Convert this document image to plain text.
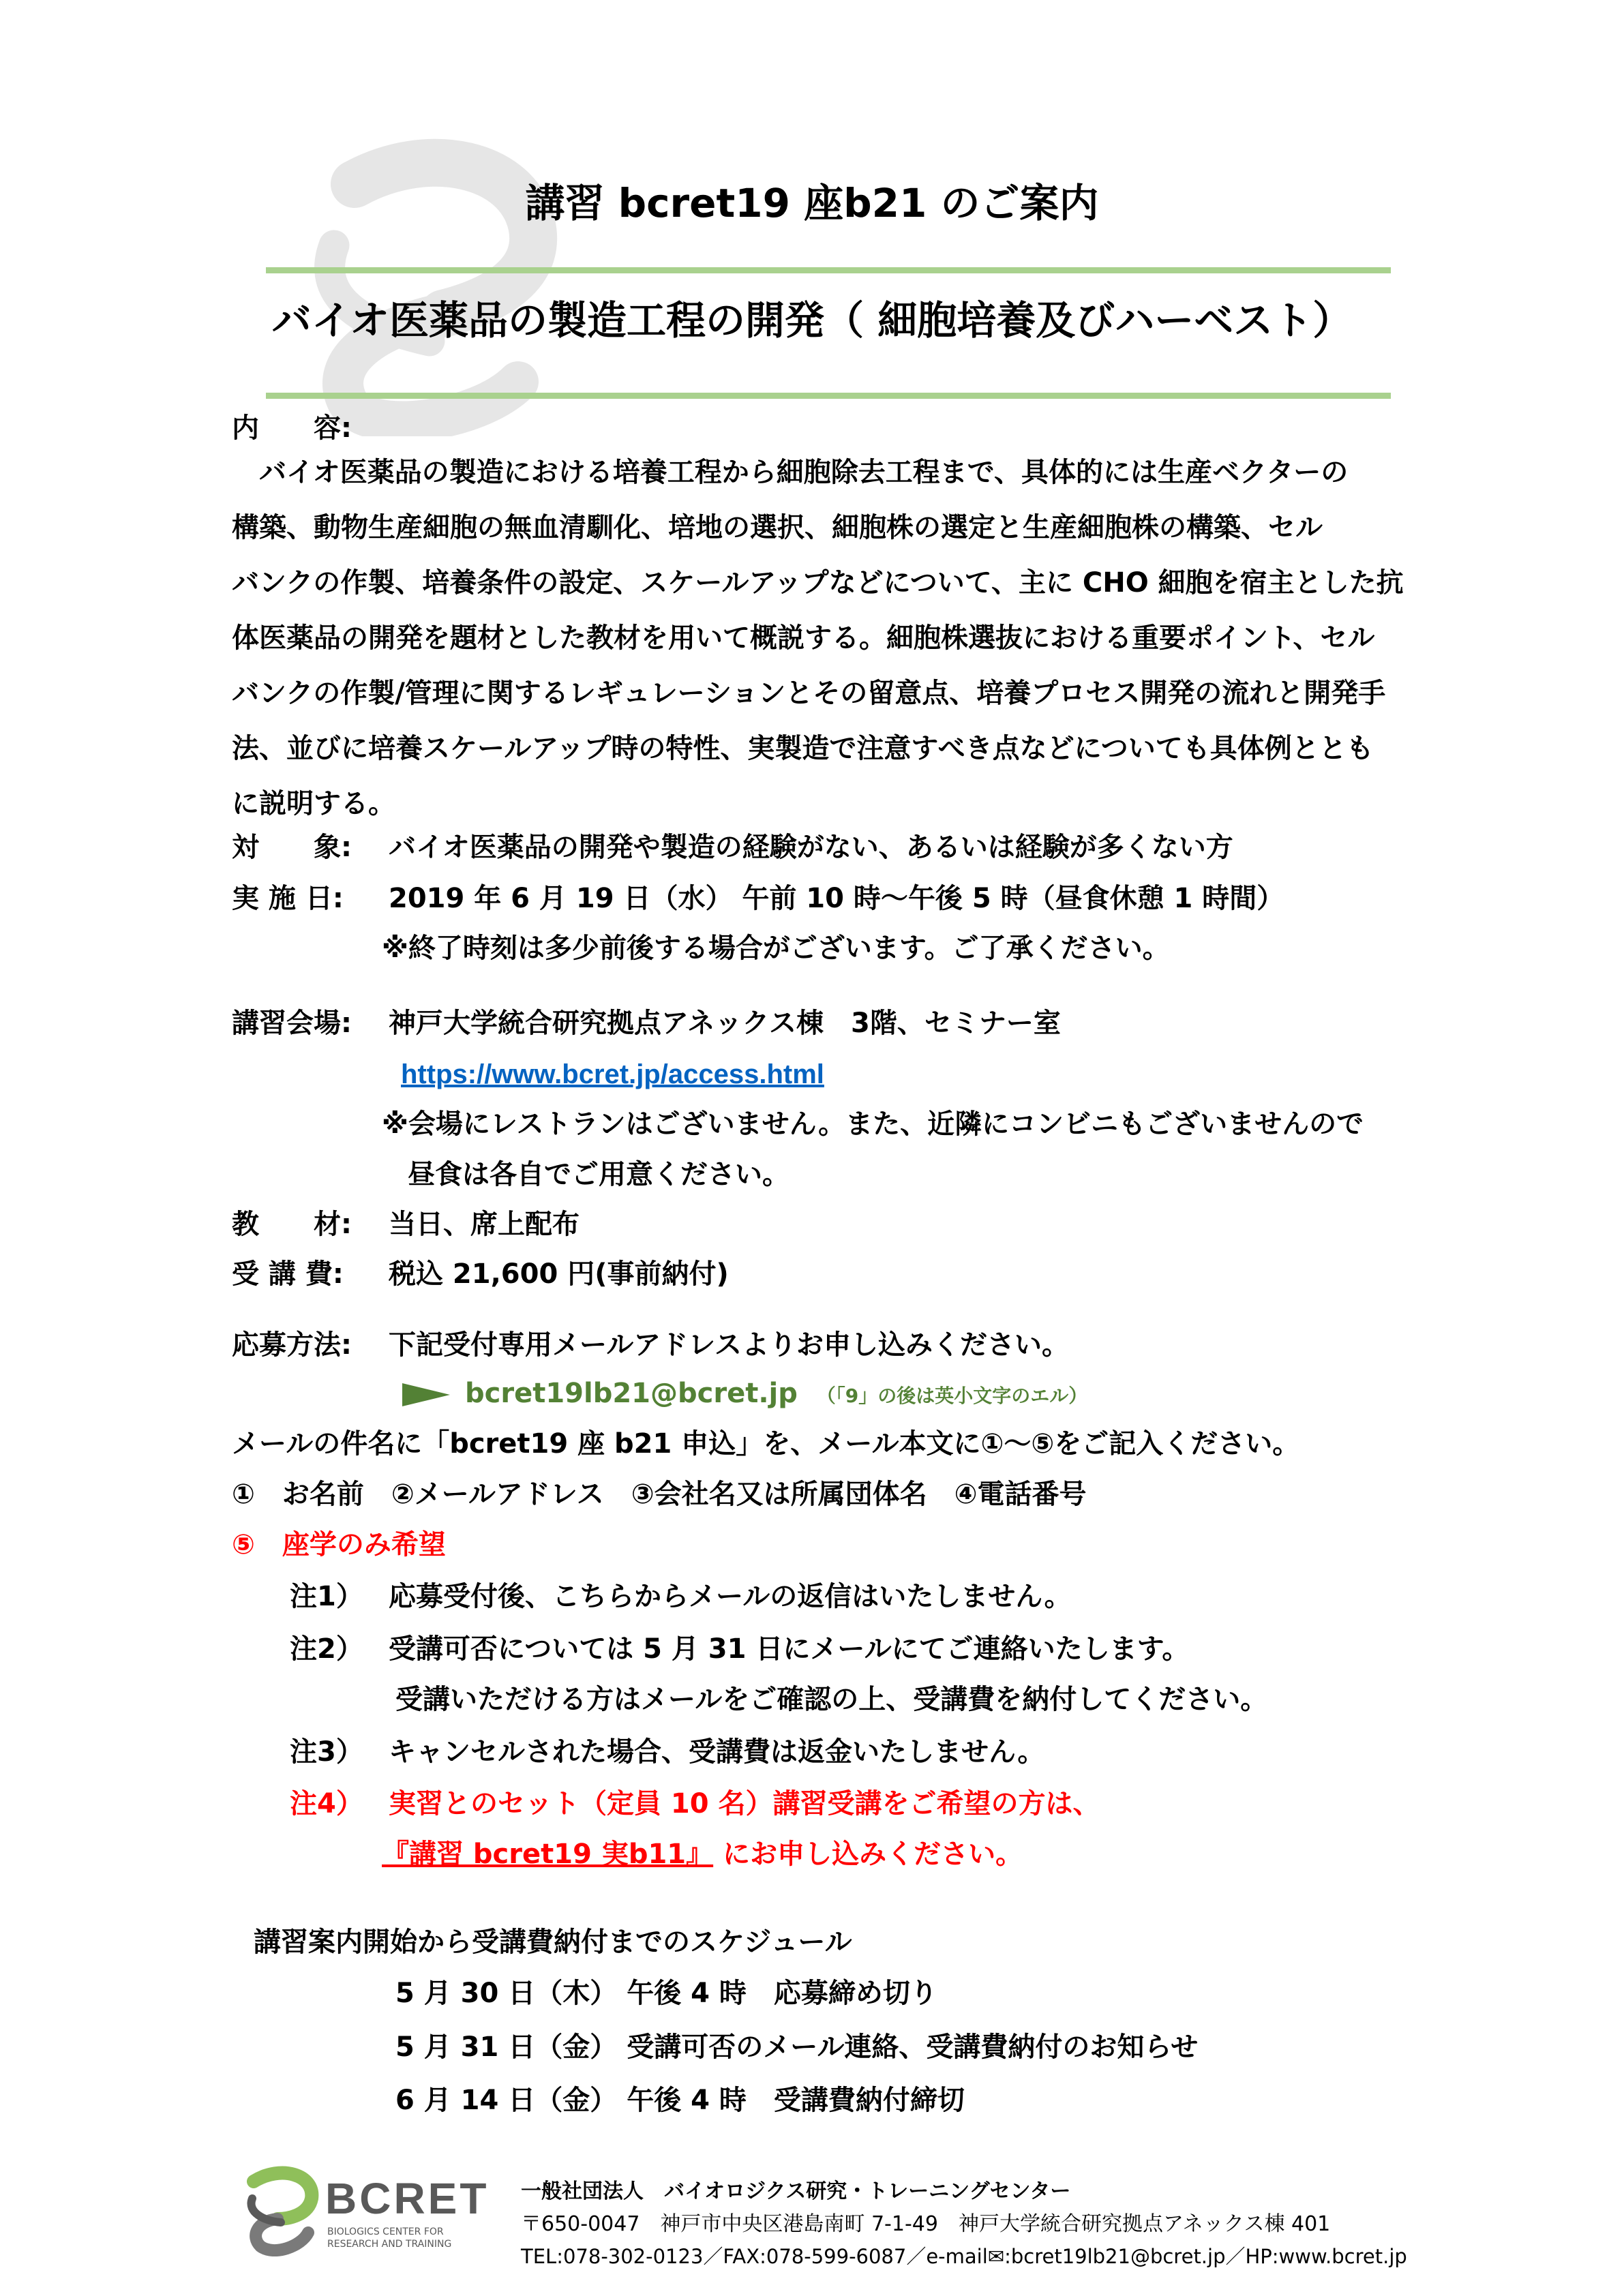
講習 bcret19 座b21 のご案内
バイオ医薬品の製造工程の開発（ 細胞培養及びハーベスト）
内　　容:

　バイオ医薬品の製造における培養工程から細胞除去工程まで、具体的には生産ベクターの

構築、動物生産細胞の無血清馴化、培地の選択、細胞株の選定と生産細胞株の構築、セル

バンクの作製、培養条件の設定、スケールアップなどについて、主に CHO 細胞を宿主とした抗

体医薬品の開発を題材とした教材を用いて概説する。細胞株選抜における重要ポイント、セル

バンクの作製/管理に関するレギュレーションとその留意点、培養プロセス開発の流れと開発手

法、並びに培養スケールアップ時の特性、実製造で注意すべき点などについても具体例ととも

に説明する。

対　　象: バイオ医薬品の開発や製造の経験がない、あるいは経験が多くない方
実 施 日: 2019 年 6 月 19 日（水） 午前 10 時～午後 5 時（昼食休憩 1 時間）
※終了時刻は多少前後する場合がございます。ご了承ください。
講習会場: 神戸大学統合研究拠点アネックス棟　3階、セミナー室
https://www.bcret.jp/access.html
※会場にレストランはございません。また、近隣にコンビニもございませんので
昼食は各自でご用意ください。
教　　材: 当日、席上配布
受 講 費: 税込 21,600 円(事前納付)
応募方法: 下記受付専用メールアドレスよりお申し込みください。
bcret19lb21@bcret.jp （「9」の後は英小文字のエル）
メールの件名に「bcret19 座 b21 申込」を、メール本文に①～⑤をご記入ください。
①　お名前　②メールアドレス　③会社名又は所属団体名　④電話番号
⑤　座学のみ希望
注1） 応募受付後、こちらからメールの返信はいたしません。
注2） 受講可否については 5 月 31 日にメールにてご連絡いたします。
受講いただける方はメールをご確認の上、受講費を納付してください。
注3） キャンセルされた場合、受講費は返金いたしません。
注4） 実習とのセット（定員 10 名）講習受講をご希望の方は、
『講習 bcret19 実b11』 にお申し込みください。
講習案内開始から受講費納付までのスケジュール
5 月 30 日（木） 午後 4 時　応募締め切り
5 月 31 日（金） 受講可否のメール連絡、受講費納付のお知らせ
6 月 14 日（金） 午後 4 時　受講費納付締切
BCRET
BIOLOGICS CENTER FOR
RESEARCH AND TRAINING
一般社団法人　バイオロジクス研究・トレーニングセンター
〒650-0047　神戸市中央区港島南町 7-1-49　神戸大学統合研究拠点アネックス棟 401
TEL:078-302-0123／FAX:078-599-6087／e-mail✉:bcret19lb21@bcret.jp／HP:www.bcret.jp
